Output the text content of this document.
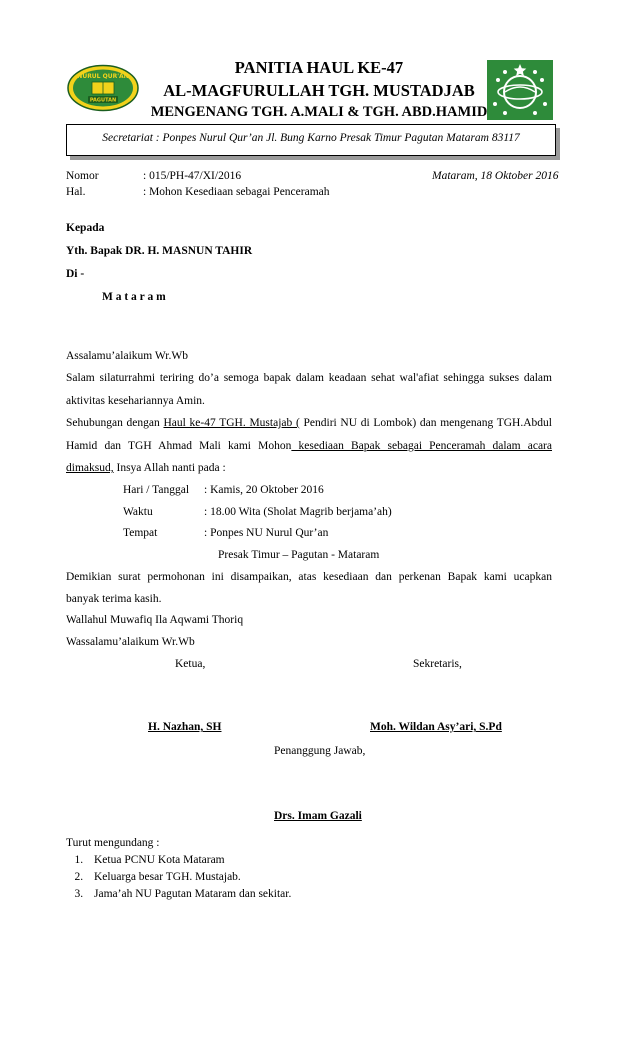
NURUL QUR'AN
PAGUTAN
PANITIA HAUL KE-47
AL-MAGFURULLAH TGH. MUSTADJAB
MENGENANG TGH. A.MALI & TGH. ABD.HAMID
Secretariat : Ponpes Nurul Qur’an Jl. Bung Karno Presak Timur Pagutan Mataram 83117
Nomor	: 015/PH-47/XI/2016	Mataram, 18 Oktober 2016
Hal.	: Mohon Kesediaan sebagai Penceramah
Kepada
Yth. Bapak DR. H. MASNUN TAHIR
Di -
M a t a r a m
Assalamu’alaikum Wr.Wb
Salam silaturrahmi teriring do’a semoga bapak dalam keadaan sehat wal'afiat sehingga sukses dalam
aktivitas kesehariannya Amin.
Sehubungan dengan Haul ke-47 TGH. Mustajab ( Pendiri NU di Lombok) dan mengenang TGH.Abdul
Hamid dan TGH Ahmad Mali kami Mohon kesediaan Bapak sebagai Penceramah dalam acara
dimaksud, Insya Allah nanti pada :
Hari / Tanggal : Kamis, 20 Oktober 2016
Waktu	: 18.00 Wita (Sholat Magrib berjama’ah)
Tempat	: Ponpes NU Nurul Qur’an
Presak Timur – Pagutan - Mataram
Demikian surat permohonan ini disampaikan, atas kesediaan dan perkenan Bapak kami ucapkan
banyak terima kasih.
Wallahul Muwafiq Ila Aqwami Thoriq
Wassalamu’alaikum Wr.Wb
Ketua,	Sekretaris,
H. Nazhan, SH	Moh. Wildan Asy’ari, S.Pd
Penanggung Jawab,
Drs. Imam Gazali
Turut mengundang :
1. Ketua PCNU Kota Mataram
2. Keluarga besar TGH. Mustajab.
3. Jama’ah NU Pagutan Mataram dan sekitar.
